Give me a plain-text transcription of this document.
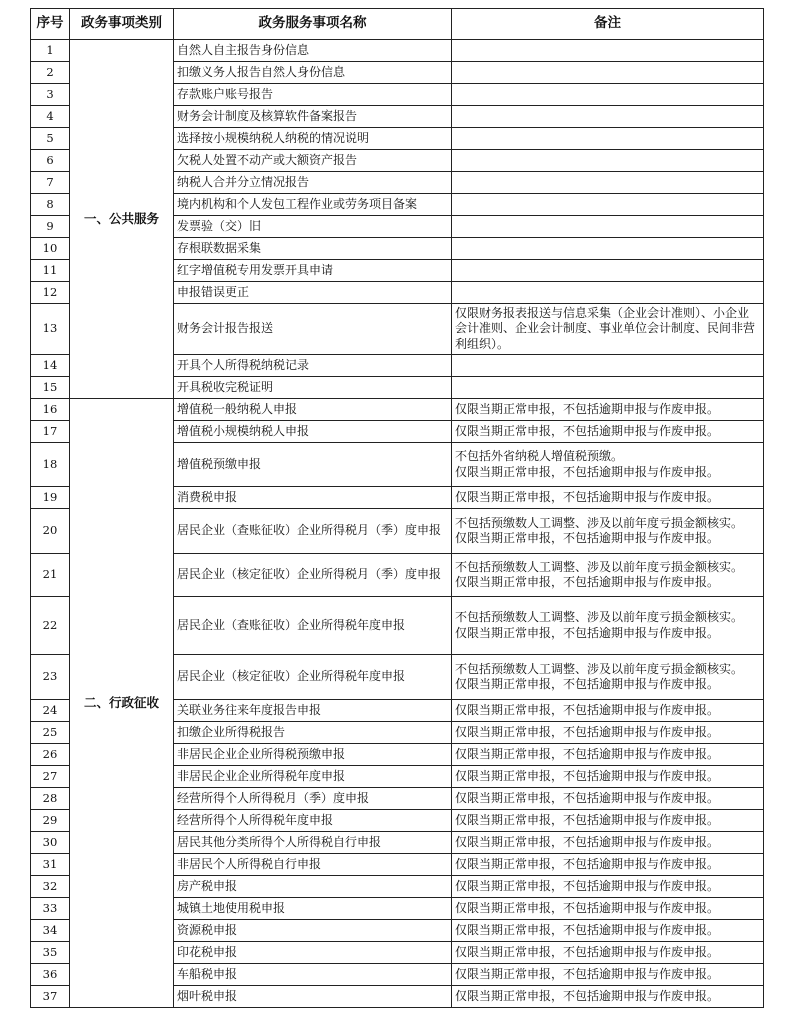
序号	政务事项类别	政务服务事项名称	备注
1	一、公共服务	自然人自主报告身份信息	
2		扣缴义务人报告自然人身份信息	
3		存款账户账号报告	
4		财务会计制度及核算软件备案报告	
5		选择按小规模纳税人纳税的情况说明	
6		欠税人处置不动产或大额资产报告	
7		纳税人合并分立情况报告	
8		境内机构和个人发包工程作业或劳务项目备案	
9		发票验（交）旧	
10		存根联数据采集	
11		红字增值税专用发票开具申请	
12		申报错误更正	
13		财务会计报告报送	仅限财务报表报送与信息采集（企业会计准则）、小企业会计准则、企业会计制度、事业单位会计制度、民间非营利组织）。
14		开具个人所得税纳税记录	
15		开具税收完税证明	
16	二、行政征收	增值税一般纳税人申报	仅限当期正常申报，不包括逾期申报与作废申报。
17		增值税小规模纳税人申报	仅限当期正常申报，不包括逾期申报与作废申报。
18		增值税预缴申报	不包括外省纳税人增值税预缴。
仅限当期正常申报，不包括逾期申报与作废申报。
19		消费税申报	仅限当期正常申报，不包括逾期申报与作废申报。
20		居民企业（查账征收）企业所得税月（季）度申报	不包括预缴数人工调整、涉及以前年度亏损金额核实。
仅限当期正常申报，不包括逾期申报与作废申报。
21		居民企业（核定征收）企业所得税月（季）度申报	不包括预缴数人工调整、涉及以前年度亏损金额核实。
仅限当期正常申报，不包括逾期申报与作废申报。
22		居民企业（查账征收）企业所得税年度申报	不包括预缴数人工调整、涉及以前年度亏损金额核实。
仅限当期正常申报，不包括逾期申报与作废申报。
23		居民企业（核定征收）企业所得税年度申报	不包括预缴数人工调整、涉及以前年度亏损金额核实。
仅限当期正常申报，不包括逾期申报与作废申报。
24		关联业务往来年度报告申报	仅限当期正常申报，不包括逾期申报与作废申报。
25		扣缴企业所得税报告	仅限当期正常申报，不包括逾期申报与作废申报。
26		非居民企业企业所得税预缴申报	仅限当期正常申报，不包括逾期申报与作废申报。
27		非居民企业企业所得税年度申报	仅限当期正常申报，不包括逾期申报与作废申报。
28		经营所得个人所得税月（季）度申报	仅限当期正常申报，不包括逾期申报与作废申报。
29		经营所得个人所得税年度申报	仅限当期正常申报，不包括逾期申报与作废申报。
30		居民其他分类所得个人所得税自行申报	仅限当期正常申报，不包括逾期申报与作废申报。
31		非居民个人所得税自行申报	仅限当期正常申报，不包括逾期申报与作废申报。
32		房产税申报	仅限当期正常申报，不包括逾期申报与作废申报。
33		城镇土地使用税申报	仅限当期正常申报，不包括逾期申报与作废申报。
34		资源税申报	仅限当期正常申报，不包括逾期申报与作废申报。
35		印花税申报	仅限当期正常申报，不包括逾期申报与作废申报。
36		车船税申报	仅限当期正常申报，不包括逾期申报与作废申报。
37		烟叶税申报	仅限当期正常申报，不包括逾期申报与作废申报。
